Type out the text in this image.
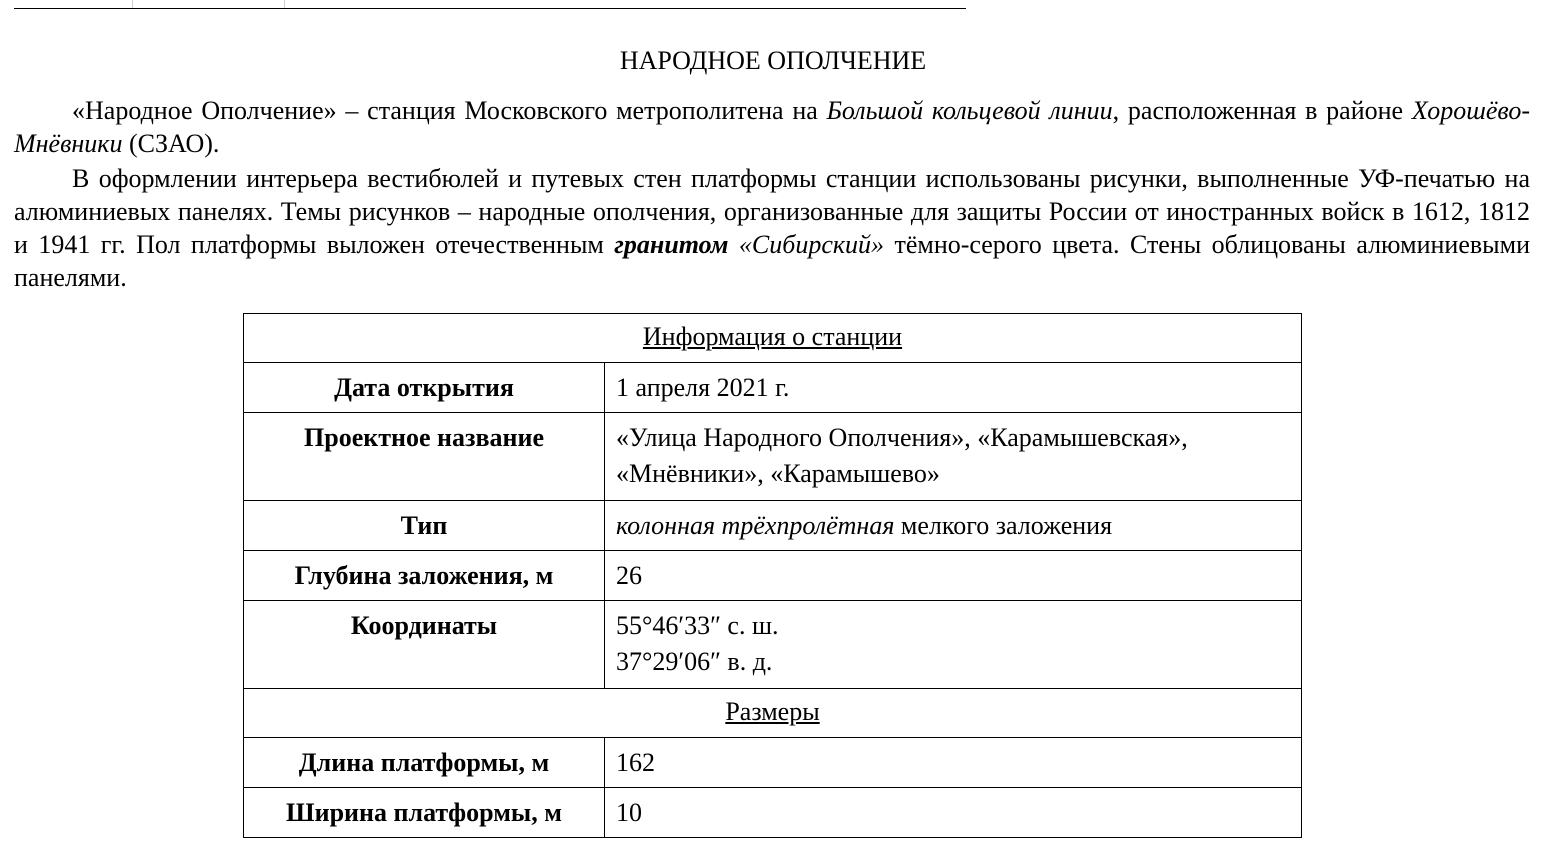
НАРОДНОЕ ОПОЛЧЕНИЕ

«Народное Ополчение» – станция Московского метрополитена на Большой кольцевой линии, расположенная в районе Хорошёво-Мнёвники (СЗАО).

В оформлении интерьера вестибюлей и путевых стен платформы станции использованы рисунки, выполненные УФ-печатью на алюминиевых панелях. Темы рисунков – народные ополчения, организованные для защиты России от иностранных войск в 1612, 1812 и 1941 гг. Пол платформы выложен отечественным гранитом «Сибирский» тёмно-серого цвета. Стены облицованы алюминиевыми панелями.

Информация о станции	
Дата открытия	1 апреля 2021 г.
Проектное название	«Улица Народного Ополчения», «Карамышевская»,
«Мнёвники», «Карамышево»
Тип	колонная трёхпролётная мелкого заложения
Глубина заложения, м	26
Координаты	55°46′33″ с. ш.
37°29′06″ в. д.
Размеры	
Длина платформы, м	162
Ширина платформы, м	10
